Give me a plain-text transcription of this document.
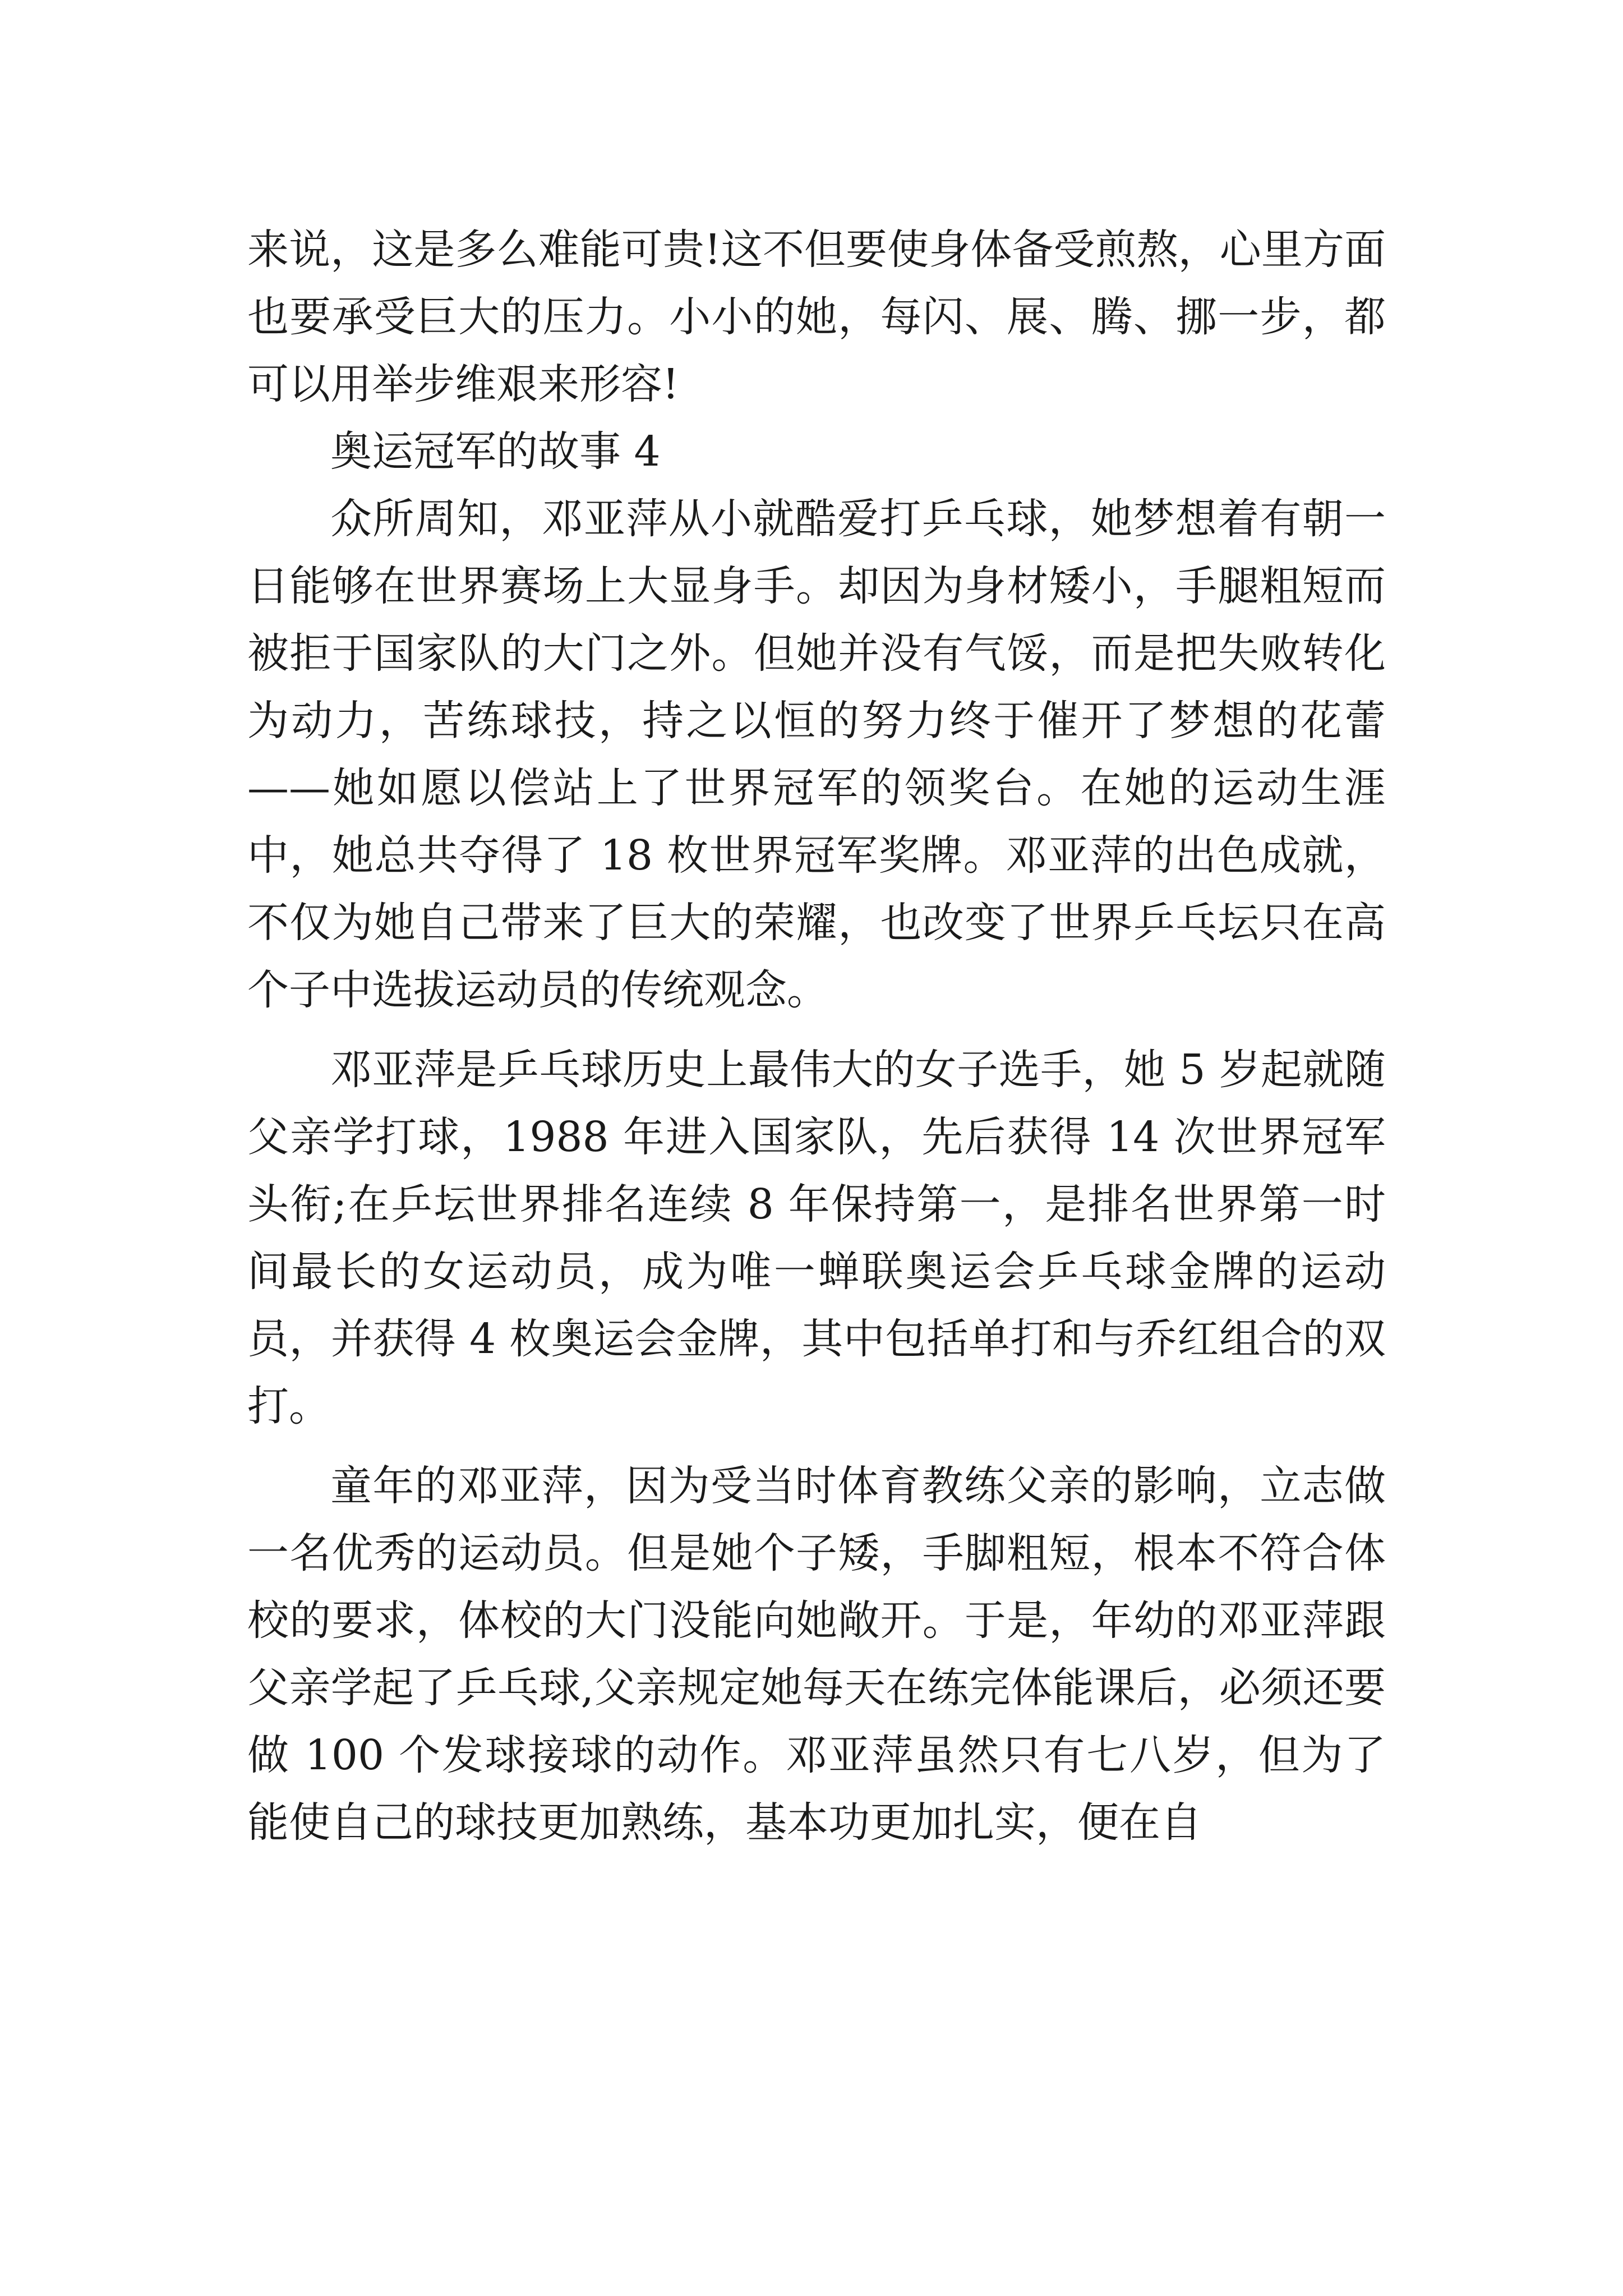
来说，这是多么难能可贵!这不但要使身体备受煎熬，心里方面也要承受巨大的压力。小小的她，每闪、展、腾、挪一步，都可以用举步维艰来形容!

奥运冠军的故事 4

众所周知，邓亚萍从小就酷爱打乒乓球，她梦想着有朝一日能够在世界赛场上大显身手。却因为身材矮小，手腿粗短而被拒于国家队的大门之外。但她并没有气馁，而是把失败转化为动力，苦练球技，持之以恒的努力终于催开了梦想的花蕾——她如愿以偿站上了世界冠军的领奖台。在她的运动生涯中，她总共夺得了 18 枚世界冠军奖牌。邓亚萍的出色成就，不仅为她自己带来了巨大的荣耀，也改变了世界乒乓坛只在高个子中选拔运动员的传统观念。

邓亚萍是乒乓球历史上最伟大的女子选手，她 5 岁起就随父亲学打球，1988 年进入国家队，先后获得 14 次世界冠军头衔;在乒坛世界排名连续 8 年保持第一，是排名世界第一时间最长的女运动员，成为唯一蝉联奥运会乒乓球金牌的运动员，并获得 4 枚奥运会金牌，其中包括单打和与乔红组合的双打。

童年的邓亚萍，因为受当时体育教练父亲的影响，立志做一名优秀的运动员。但是她个子矮，手脚粗短，根本不符合体校的要求，体校的大门没能向她敞开。于是，年幼的邓亚萍跟父亲学起了乒乓球,父亲规定她每天在练完体能课后，必须还要做 100 个发球接球的动作。邓亚萍虽然只有七八岁，但为了能使自己的球技更加熟练，基本功更加扎实，便在自
